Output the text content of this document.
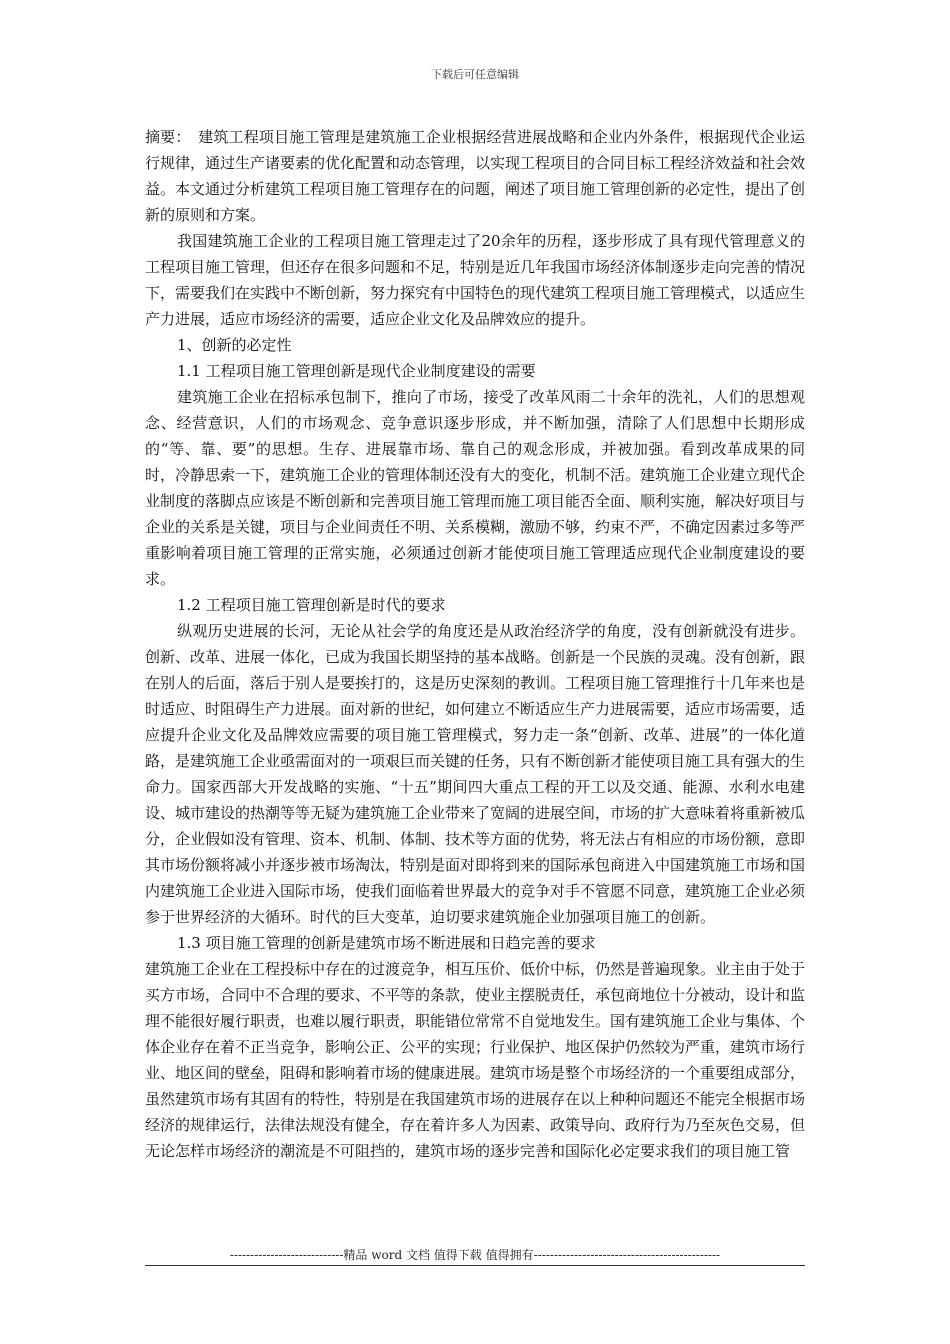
下载后可任意编辑

摘要：　建筑工程项目施工管理是建筑施工企业根据经营进展战略和企业内外条件，根据现代企业运行规律，通过生产诸要素的优化配置和动态管理，以实现工程项目的合同目标工程经济效益和社会效益。本文通过分析建筑工程项目施工管理存在的问题，阐述了项目施工管理创新的必定性，提出了创新的原则和方案。

我国建筑施工企业的工程项目施工管理走过了20余年的历程，逐步形成了具有现代管理意义的工程项目施工管理，但还存在很多问题和不足，特别是近几年我国市场经济体制逐步走向完善的情况下，需要我们在实践中不断创新，努力探究有中国特色的现代建筑工程项目施工管理模式，以适应生产力进展，适应市场经济的需要，适应企业文化及品牌效应的提升。

1、创新的必定性

1.1 工程项目施工管理创新是现代企业制度建设的需要

建筑施工企业在招标承包制下，推向了市场，接受了改革风雨二十余年的洗礼，人们的思想观念、经营意识，人们的市场观念、竞争意识逐步形成，并不断加强，清除了人们思想中长期形成的“等、靠、要”的思想。生存、进展靠市场、靠自己的观念形成，并被加强。看到改革成果的同时，冷静思索一下，建筑施工企业的管理体制还没有大的变化，机制不活。建筑施工企业建立现代企业制度的落脚点应该是不断创新和完善项目施工管理而施工项目能否全面、顺利实施，解决好项目与企业的关系是关键，项目与企业间责任不明、关系模糊，激励不够，约束不严，不确定因素过多等严重影响着项目施工管理的正常实施，必须通过创新才能使项目施工管理适应现代企业制度建设的要求。

1.2 工程项目施工管理创新是时代的要求

纵观历史进展的长河，无论从社会学的角度还是从政治经济学的角度，没有创新就没有进步。创新、改革、进展一体化，已成为我国长期坚持的基本战略。创新是一个民族的灵魂。没有创新，跟在别人的后面，落后于别人是要挨打的，这是历史深刻的教训。工程项目施工管理推行十几年来也是时适应、时阻碍生产力进展。面对新的世纪，如何建立不断适应生产力进展需要，适应市场需要，适应提升企业文化及品牌效应需要的项目施工管理模式，努力走一条“创新、改革、进展”的一体化道路，是建筑施工企业亟需面对的一项艰巨而关键的任务，只有不断创新才能使项目施工具有强大的生命力。国家西部大开发战略的实施、“十五”期间四大重点工程的开工以及交通、能源、水利水电建设、城市建设的热潮等等无疑为建筑施工企业带来了宽阔的进展空间，市场的扩大意味着将重新被瓜分，企业假如没有管理、资本、机制、体制、技术等方面的优势，将无法占有相应的市场份额，意即其市场份额将减小并逐步被市场淘汰，特别是面对即将到来的国际承包商进入中国建筑施工市场和国内建筑施工企业进入国际市场，使我们面临着世界最大的竞争对手不管愿不同意，建筑施工企业必须参于世界经济的大循环。时代的巨大变革，迫切要求建筑施企业加强项目施工的创新。

1.3 项目施工管理的创新是建筑市场不断进展和日趋完善的要求

建筑施工企业在工程投标中存在的过渡竞争，相互压价、低价中标，仍然是普遍现象。业主由于处于买方市场，合同中不合理的要求、不平等的条款，使业主摆脱责任，承包商地位十分被动，设计和监理不能很好履行职责，也难以履行职责，职能错位常常不自觉地发生。国有建筑施工企业与集体、个体企业存在着不正当竞争，影响公正、公平的实现；行业保护、地区保护仍然较为严重，建筑市场行业、地区间的壁垒，阻碍和影响着市场的健康进展。建筑市场是整个市场经济的一个重要组成部分，虽然建筑市场有其固有的特性，特别是在我国建筑市场的进展存在以上种种问题还不能完全根据市场经济的规律运行，法律法规没有健全，存在着许多人为因素、政策导向、政府行为乃至灰色交易，但无论怎样市场经济的潮流是不可阻挡的，建筑市场的逐步完善和国际化必定要求我们的项目施工管

----------------------------精品 word 文档 值得下载 值得拥有----------------------------------------------
